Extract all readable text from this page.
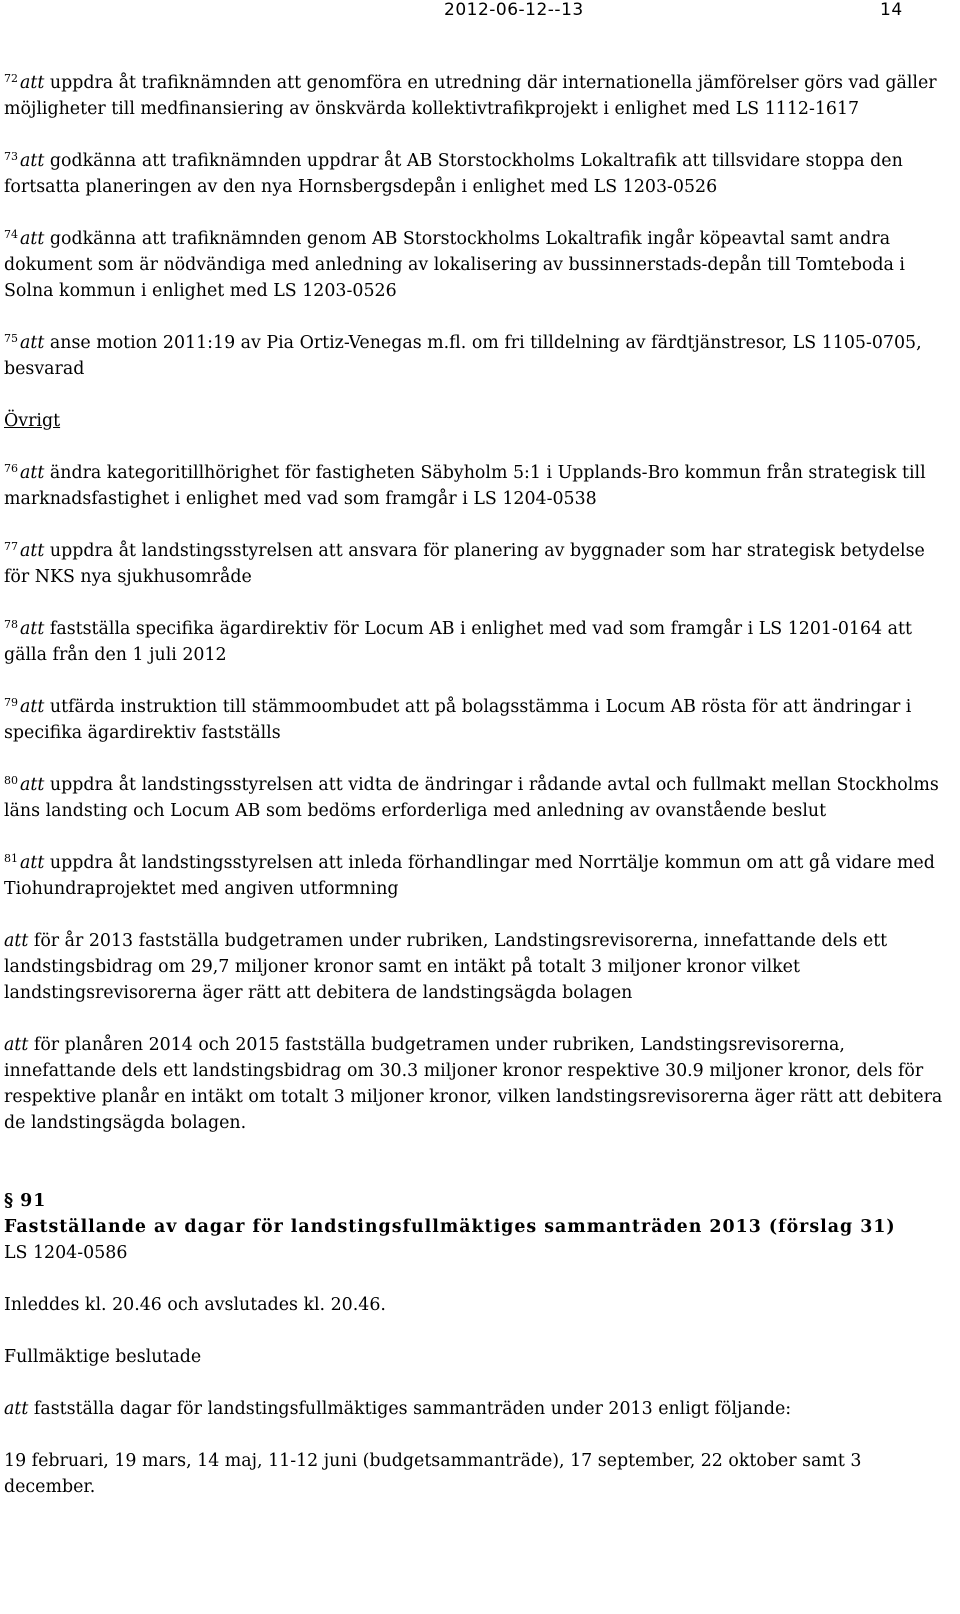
2012-06-12--13	14

$^{72}$ att uppdra åt trafiknämnden att genomföra en utredning där internationella jämförelser görs vad gäller möjligheter till medfinansiering av önskvärda kollektivtrafikprojekt i enlighet med LS 1112-1617

$^{73}$ att godkänna att trafiknämnden uppdrar åt AB Storstockholms Lokaltrafik att tillsvidare stoppa den fortsatta planeringen av den nya Hornsbergsdepån i enlighet med LS 1203-0526

$^{74}$ att godkänna att trafiknämnden genom AB Storstockholms Lokaltrafik ingår köpeavtal samt andra dokument som är nödvändiga med anledning av lokalisering av bussinnerstads-depån till Tomteboda i Solna kommun i enlighet med LS 1203-0526

$^{75}$ att anse motion 2011:19 av Pia Ortiz-Venegas m.fl. om fri tilldelning av färdtjänstresor, LS 1105-0705, besvarad

Övrigt

$^{76}$ att ändra kategoritillhörighet för fastigheten Säbyholm 5:1 i Upplands-Bro kommun från strategisk till marknadsfastighet i enlighet med vad som framgår i LS 1204-0538

$^{77}$ att uppdra åt landstingsstyrelsen att ansvara för planering av byggnader som har strategisk betydelse för NKS nya sjukhusområde

$^{78}$ att fastställa specifika ägardirektiv för Locum AB i enlighet med vad som framgår i LS 1201-0164 att gälla från den 1 juli 2012

$^{79}$ att utfärda instruktion till stämmoombudet att på bolagsstämma i Locum AB rösta för att ändringar i specifika ägardirektiv fastställs

$^{80}$ att uppdra åt landstingsstyrelsen att vidta de ändringar i rådande avtal och fullmakt mellan Stockholms läns landsting och Locum AB som bedöms erforderliga med anledning av ovanstående beslut

$^{81}$ att uppdra åt landstingsstyrelsen att inleda förhandlingar med Norrtälje kommun om att gå vidare med Tiohundraprojektet med angiven utformning

att för år 2013 fastställa budgetramen under rubriken, Landstingsrevisorerna, innefattande dels ett landstingsbidrag om 29,7 miljoner kronor samt en intäkt på totalt 3 miljoner kronor vilket landstingsrevisorerna äger rätt att debitera de landstingsägda bolagen

att för planåren 2014 och 2015 fastställa budgetramen under rubriken, Landstingsrevisorerna, innefattande dels ett landstingsbidrag om 30.3 miljoner kronor respektive 30.9 miljoner kronor, dels för respektive planår en intäkt om totalt 3 miljoner kronor, vilken landstingsrevisorerna äger rätt att debitera de landstingsägda bolagen.

§ 91
Fastställande av dagar för landstingsfullmäktiges sammanträden 2013 (förslag 31)

LS 1204-0586

Inleddes kl. 20.46 och avslutades kl. 20.46.

Fullmäktige beslutade

att fastställa dagar för landstingsfullmäktiges sammanträden under 2013 enligt följande:

19 februari, 19 mars, 14 maj, 11-12 juni (budgetsammanträde), 17 september, 22 oktober samt 3 december.
